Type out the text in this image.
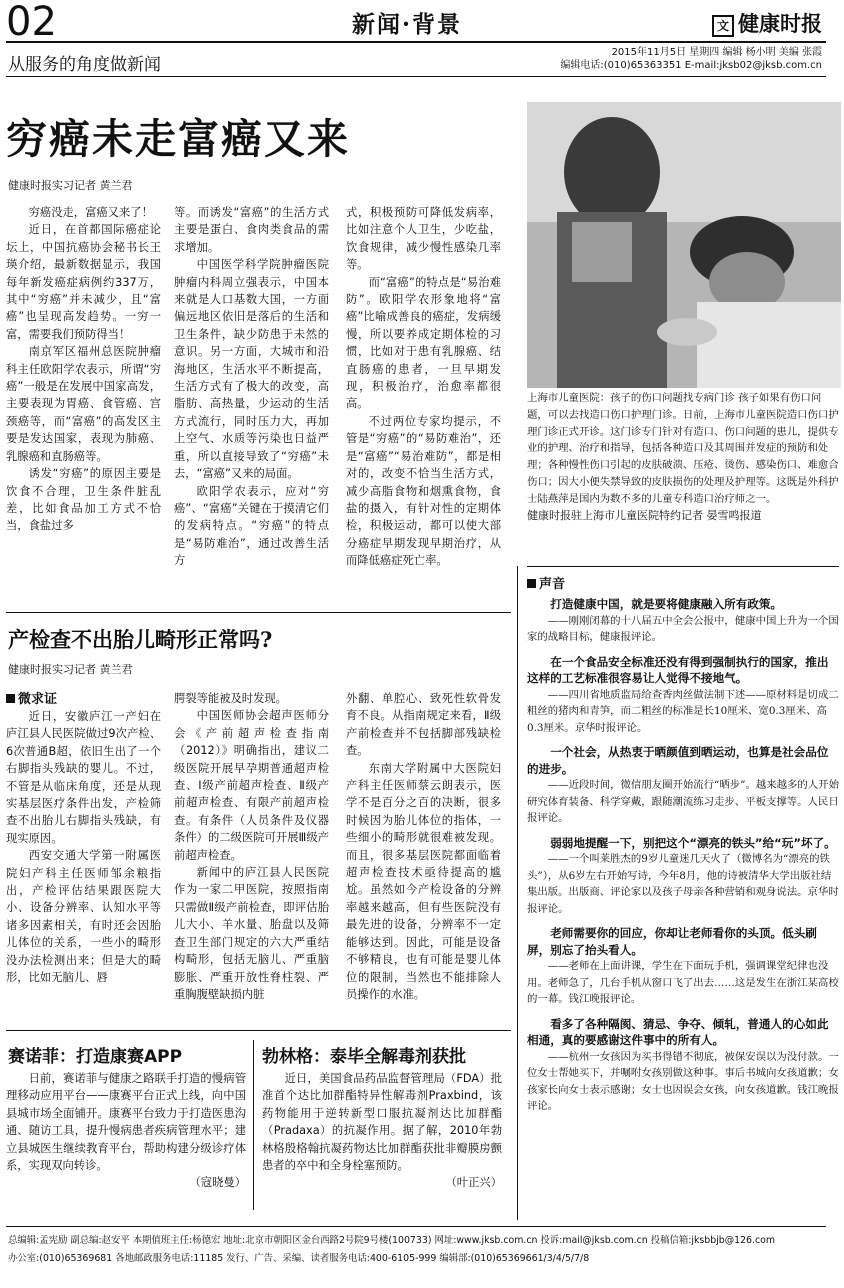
02	新闻·背景	文 健康时报
从服务的角度做新闻
2015年11月5日 星期四 编辑 杨小明 美编 张霞
编辑电话:(010)65363351 E-mail:jksb02@jksb.com.cn
穷癌未走富癌又来
健康时报实习记者 黄兰君

穷癌没走，富癌又来了！

近日，在首都国际癌症论坛上，中国抗癌协会秘书长王瑛介绍，最新数据显示，我国每年新发癌症病例约337万，其中“穷癌”并未减少，且“富癌”也呈现高发趋势。一穷一富，需要我们预防得当！

南京军区福州总医院肿瘤科主任欧阳学农表示，所谓“穷癌”一般是在发展中国家高发，主要表现为胃癌、食管癌、宫颈癌等，而“富癌”的高发区主要是发达国家，表现为肺癌、乳腺癌和直肠癌等。

诱发“穷癌”的原因主要是饮食不合理，卫生条件脏乱差，比如食品加工方式不恰当，食盐过多

等。而诱发“富癌”的生活方式主要是蛋白、食肉类食品的需求增加。

中国医学科学院肿瘤医院肿瘤内科周立强表示，中国本来就是人口基数大国，一方面偏远地区依旧是落后的生活和卫生条件，缺少防患于未然的意识。另一方面，大城市和沿海地区，生活水平不断提高，生活方式有了极大的改变，高脂肪、高热量，少运动的生活方式流行，同时压力大，再加上空气、水质等污染也日益严重，所以直接导致了“穷癌”未去，“富癌”又来的局面。

欧阳学农表示，应对“穷癌”、“富癌”关键在于摸清它们的发病特点。“穷癌”的特点是“易防难治”，通过改善生活方

式，积极预防可降低发病率，比如注意个人卫生，少吃盐，饮食规律，减少慢性感染几率等。

而“富癌”的特点是“易治难防”。欧阳学农形象地将“富癌”比喻成善良的癌症，发病缓慢，所以要养成定期体检的习惯，比如对于患有乳腺癌、结直肠癌的患者，一旦早期发现，积极治疗，治愈率都很高。

不过两位专家均提示，不管是“穷癌”的“易防难治”，还是“富癌”“易治难防”，都是相对的，改变不恰当生活方式，减少高脂食物和烟熏食物，食盐的摄入，有针对性的定期体检，积极运动，都可以使大部分癌症早期发现早期治疗，从而降低癌症死亡率。

上海市儿童医院：孩子的伤口问题找专病门诊 孩子如果有伤口问题，可以去找造口伤口护理门诊。日前，上海市儿童医院造口伤口护理门诊正式开诊。这门诊专门针对有造口、伤口问题的患儿，提供专业的护理、治疗和指导，包括各种造口及其周围并发症的预防和处理；各种慢性伤口引起的皮肤破溃、压疮、烫伤、感染伤口、难愈合伤口；因大小便失禁导致的皮肤损伤的处理及护理等。这既是外科护士陆燕萍是国内为数不多的儿童专科造口治疗师之一。
健康时报驻上海市儿童医院特约记者 晏雪鸣报道
产检查不出胎儿畸形正常吗?
健康时报实习记者 黄兰君
微求证

近日，安徽庐江一产妇在庐江县人民医院做过9次产检、6次普通B超，依旧生出了一个右脚指头残缺的婴儿。不过，不管是从临床角度，还是从现实基层医疗条件出发，产检筛查不出胎儿右脚指头残缺，有现实原因。

西安交通大学第一附属医院妇产科主任医师邹余粮指出，产检评估结果跟医院大小、设备分辨率、认知水平等诸多因素相关，有时还会因胎儿体位的关系，一些小的畸形没办法检测出来；但是大的畸形，比如无脑儿、唇

腭裂等能被及时发现。

中国医师协会超声医师分会《产前超声检查指南（2012）》明确指出，建议二级医院开展早孕期普通超声检查、Ⅰ级产前超声检查、Ⅱ级产前超声检查、有限产前超声检查。有条件（人员条件及仪器条件）的二级医院可开展Ⅲ级产前超声检查。

新闻中的庐江县人民医院作为一家二甲医院，按照指南只需做Ⅱ级产前检查，即评估胎儿大小、羊水量、胎盘以及筛查卫生部门规定的六大严重结构畸形，包括无脑儿、严重脑膨胀、严重开放性脊柱裂、严重胸腹壁缺损内脏

外翻、单腔心、致死性软骨发育不良。从指南规定来看，Ⅱ级产前检查并不包括脚部残缺检查。

东南大学附属中大医院妇产科主任医师蔡云朗表示，医学不是百分之百的决断，很多时候因为胎儿体位的指体，一些细小的畸形就很难被发现。而且，很多基层医院都面临着超声检查技术亟待提高的尴尬。虽然如今产检设备的分辨率越来越高，但有些医院没有最先进的设备，分辨率不一定能够达到。因此，可能是设备不够精良，也有可能是婴儿体位的限制，当然也不能排除人员操作的水准。

赛诺菲：打造康赛APP

日前，赛诺菲与健康之路联手打造的慢病管理移动应用平台——康赛平台正式上线，向中国县城市场全面铺开。康赛平台致力于打造医患沟通、随访工具，提升慢病患者疾病管理水平；建立县城医生继续教育平台，帮助构建分级诊疗体系，实现双向转诊。

（寇晓曼）
勃林格：泰毕全解毒剂获批

近日，美国食品药品监督管理局（FDA）批准首个达比加群酯特异性解毒剂Praxbind，该药物能用于逆转新型口服抗凝剂达比加群酯（Pradaxa）的抗凝作用。据了解，2010年勃林格殷格翰抗凝药物达比加群酯获批非瓣膜房颤患者的卒中和全身栓塞预防。

（叶正兴）
声音

打造健康中国，就是要将健康融入所有政策。

——刚刚闭幕的十八届五中全会公报中，健康中国上升为一个国家的战略目标，健康报评论。

在一个食品安全标准还没有得到强制执行的国家，推出这样的工艺标准很容易让人觉得不接地气。

——四川省地质监局给查香肉丝做法制下述——原材料是切成二粗丝的猪肉和青笋，而二粗丝的标准是长10厘米、宽0.3厘米、高0.3厘米。京华时报评论。

一个社会，从热衷于晒颜值到晒运动，也算是社会品位的进步。

——近段时间，微信朋友圈开始流行“晒步”。越来越多的人开始研究体育装备、科学穿戴，跟随潮流练习走步、平板支撑等。人民日报评论。

弱弱地提醒一下，别把这个“漂亮的铁头”给“玩”坏了。

——一个叫莱胜杰的9岁儿童迷几天火了（微博名为“漂亮的铁头”），从6岁左右开始写诗，今年8月，他的诗被清华大学出版社结集出版。出版商、评论家以及孩子母亲各种营销和观身说法。京华时报评论。

老师需要你的回应，你却让老师看你的头顶。低头刷屏，别忘了抬头看人。

——老师在上面讲课，学生在下面玩手机，强调课堂纪律也没用。老师急了，几台手机从窗口飞了出去……这是发生在浙江某高校的一幕。钱江晚报评论。

看多了各种隔阂、猜忌、争夺、倾轧，普通人的心如此相通，真的要感谢这件事中的所有人。

——杭州一女孩因为买书得错不彻底，被保安误以为没付款。一位女士帮她买下，并嘱咐女孩别做这种事。事后书城向女孩道歉；女孩家长向女士表示感谢；女士也因误会女孩，向女孩道歉。钱江晚报评论。

总编辑:孟宪励 副总编:赵安平 本期值班主任:杨德宏 地址:北京市朝阳区金台西路2号院9号楼(100733) 网址:www.jksb.com.cn 投诉:mail@jksb.com.cn 投稿信箱:jksbbjb@126.com
办公室:(010)65369681 各地邮政服务电话:11185 发行、广告、采编、读者服务电话:400-6105-999 编辑部:(010)65369661/3/4/5/7/8
